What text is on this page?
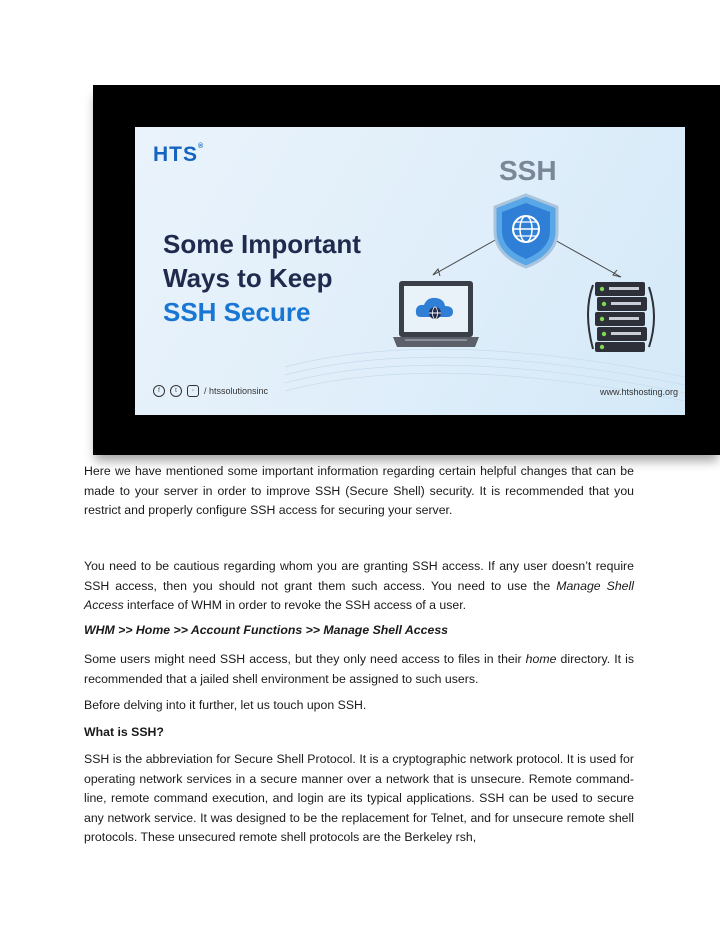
HTS®
Some Important
Ways to Keep
SSH Secure
SSH
f	t	◦	/ htssolutionsinc	www.htshosting.org

Here we have mentioned some important information regarding certain helpful changes that can be made to your server in order to improve SSH (Secure Shell) security. It is recommended that you restrict and properly configure SSH access for securing your server.

You need to be cautious regarding whom you are granting SSH access. If any user doesn’t require SSH access, then you should not grant them such access. You need to use the Manage Shell Access interface of WHM in order to revoke the SSH access of a user.

WHM >> Home >> Account Functions >> Manage Shell Access

Some users might need SSH access, but they only need access to files in their home directory. It is recommended that a jailed shell environment be assigned to such users.

Before delving into it further, let us touch upon SSH.

What is SSH?

SSH is the abbreviation for Secure Shell Protocol. It is a cryptographic network protocol. It is used for operating network services in a secure manner over a network that is unsecure. Remote command-line, remote command execution, and login are its typical applications. SSH can be used to secure any network service. It was designed to be the replacement for Telnet, and for unsecure remote shell protocols. These unsecured remote shell protocols are the Berkeley rsh,
